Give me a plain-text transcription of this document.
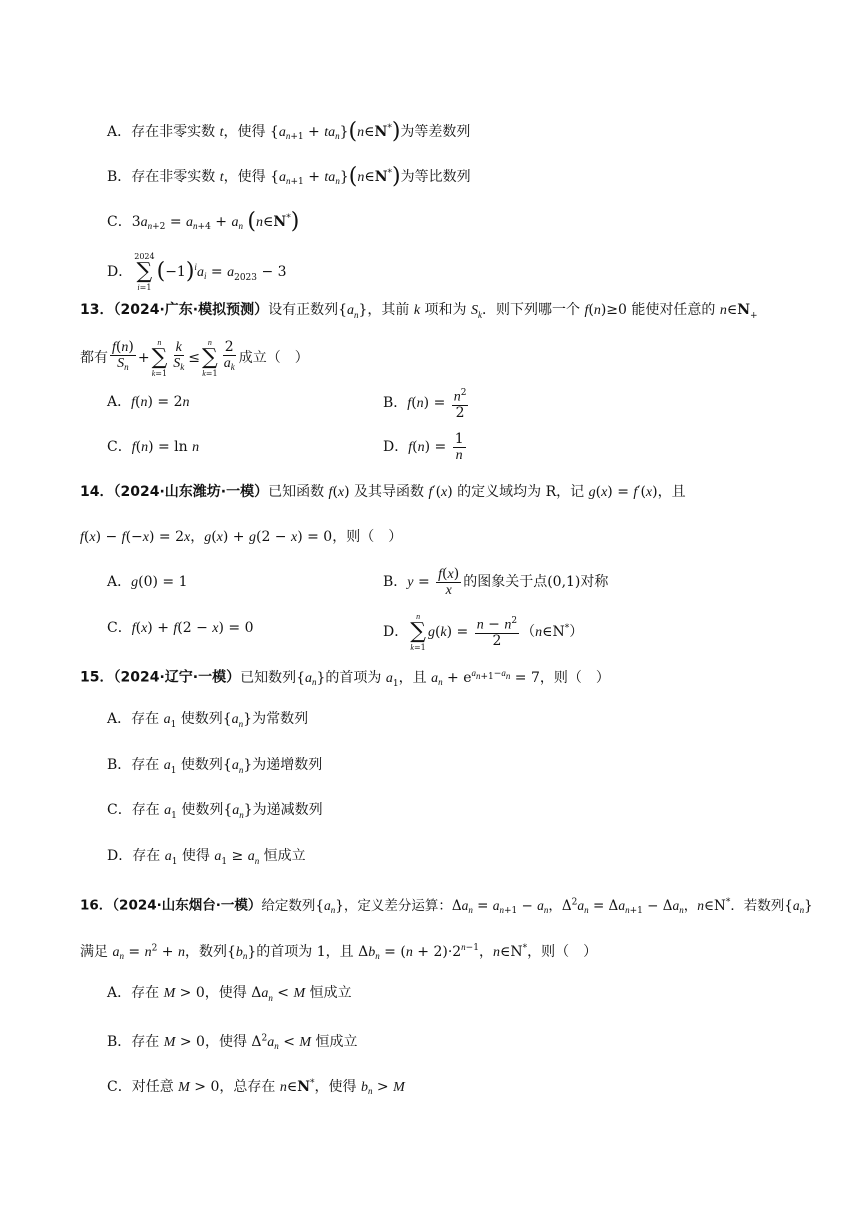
A．存在非零实数 t，使得 {$a_{n+1}$ + $ta_n\}(n\in N^*)$为等差数列
B．存在非零实数 t，使得 {$a_{n+1}$ + $ta_n\}(n\in N^*)$为等比数列
C．$3a_{n+2} = a_{n+4} + a_n$ (n∈N*)
D．
2024
∑
i=1
$(-1)^ia_i = a_{2023} - 3$
13．（2024·广东·模拟预测）设有正数列$\{a_n\}$，其前 k 项和为 $S_k$．则下列哪一个 f(n)≥0 能使对任意的 $n\in N_+$
都有 $\frac{f(n)}{S_n}$ +
n
∑
$k=1 \frac{k}{S_k}$ ≤
n
∑
$k=1 \frac{2}{a_k}$ 成立（　）
A．f(n) = 2n	B．$f(n) = \frac{n^2}{2}$
C．f(n) = ln n	D．$f(n) = \frac{1}{n}$
14．（2024·山东潍坊·一模）已知函数 f(x) 及其导函数 f′(x) 的定义域均为 R，记 g(x) = f′(x)，且
f(x) − f(−x) = 2x，g(x) + g(2 − x) = 0，则（　）
A．g(0) = 1	B．$y = \frac{f(x)}{x}$ 的图象关于点(0,1)对称
C．f(x) + f(2 − x) = 0	D．
n
∑
k=1
$g(k) = \frac{n - n^2}{2}$ （n∈N*）
15．（2024·辽宁·一模）已知数列$\{a_n\}$的首项为 $a_1$，且 $a_n + e^{a_{n+1}-a_n} = 7$，则（　）
A．存在 $a_1$ 使数列$\{a_n\}$为常数列
B．存在 $a_1$ 使数列$\{a_n\}$为递增数列
C．存在 $a_1$ 使数列$\{a_n\}$为递减数列
D．存在 $a_1$ 使得 $a_1 \ge a_n$ 恒成立
16．（2024·山东烟台·一模）给定数列$\{a_n\}$，定义差分运算：$\Delta a_n = a_{n+1} - a_n$，$\Delta^2a_n = \Delta a_{n+1} - \Delta a_n$，n∈N*．若数列$\{a_n\}$
满足 $a_n = n^2 + n$，数列$\{b_n\}$的首项为 1，且 $\Delta b_n = (n + 2)\cdot 2^{n-1}$，n∈N*，则（　）
A．存在 M > 0，使得 $\Delta a_n < M$ 恒成立
B．存在 M > 0，使得 $\Delta^2a_n < M$ 恒成立
C．对任意 M > 0，总存在 n∈N*，使得 $b_n > M$
